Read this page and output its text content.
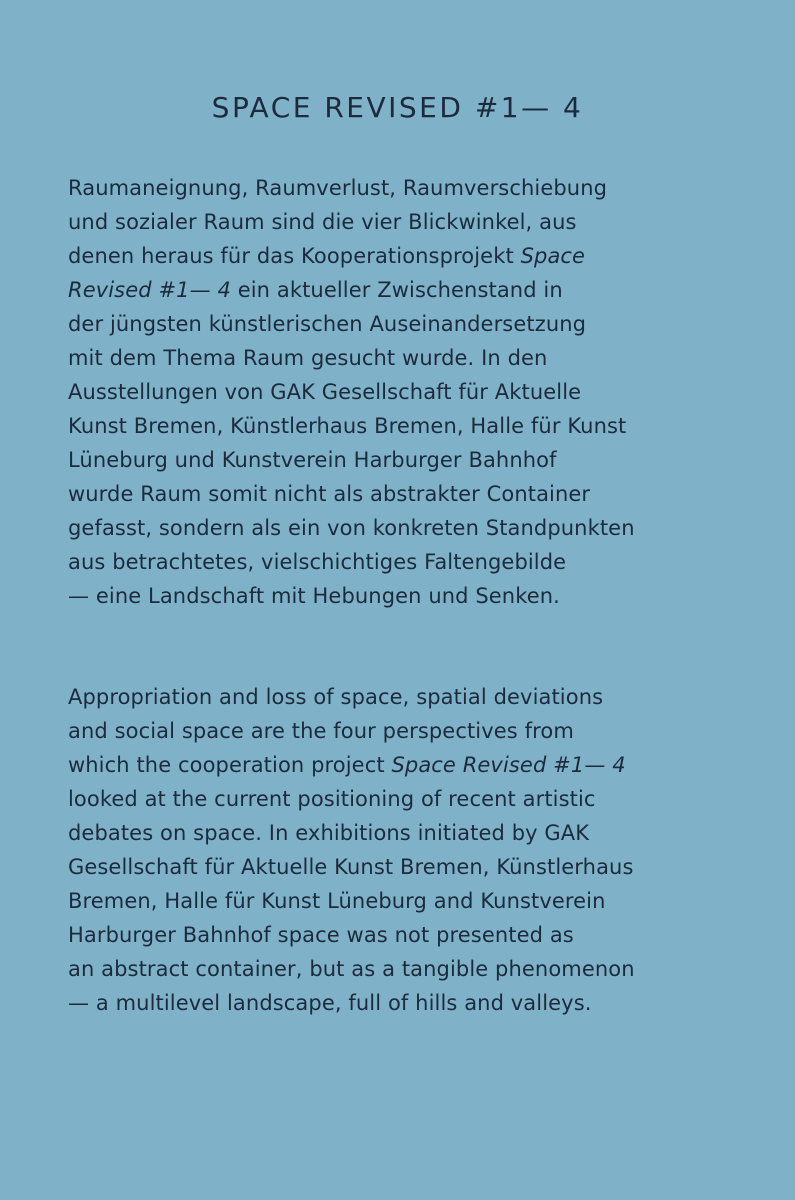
SPACE REVISED #1— 4

Raumaneignung, Raumverlust, Raumverschiebung
und sozialer Raum sind die vier Blickwinkel, aus
denen heraus für das Kooperationsprojekt Space
Revised #1— 4 ein aktueller Zwischenstand in
der jüngsten künstlerischen Auseinandersetzung
mit dem Thema Raum gesucht wurde. In den
Ausstellungen von GAK Gesellschaft für Aktuelle
Kunst Bremen, Künstlerhaus Bremen, Halle für Kunst
Lüneburg und Kunstverein Harburger Bahnhof
wurde Raum somit nicht als abstrakter Container
gefasst, sondern als ein von konkreten Standpunkten
aus betrachtetes, vielschichtiges Faltengebilde
— eine Landschaft mit Hebungen und Senken.

Appropriation and loss of space, spatial deviations
and social space are the four perspectives from
which the cooperation project Space Revised #1— 4
looked at the current positioning of recent artistic
debates on space. In exhibitions initiated by GAK
Gesellschaft für Aktuelle Kunst Bremen, Künstlerhaus
Bremen, Halle für Kunst Lüneburg and Kunstverein
Harburger Bahnhof space was not presented as
an abstract container, but as a tangible phenomenon
— a multilevel landscape, full of hills and valleys.
